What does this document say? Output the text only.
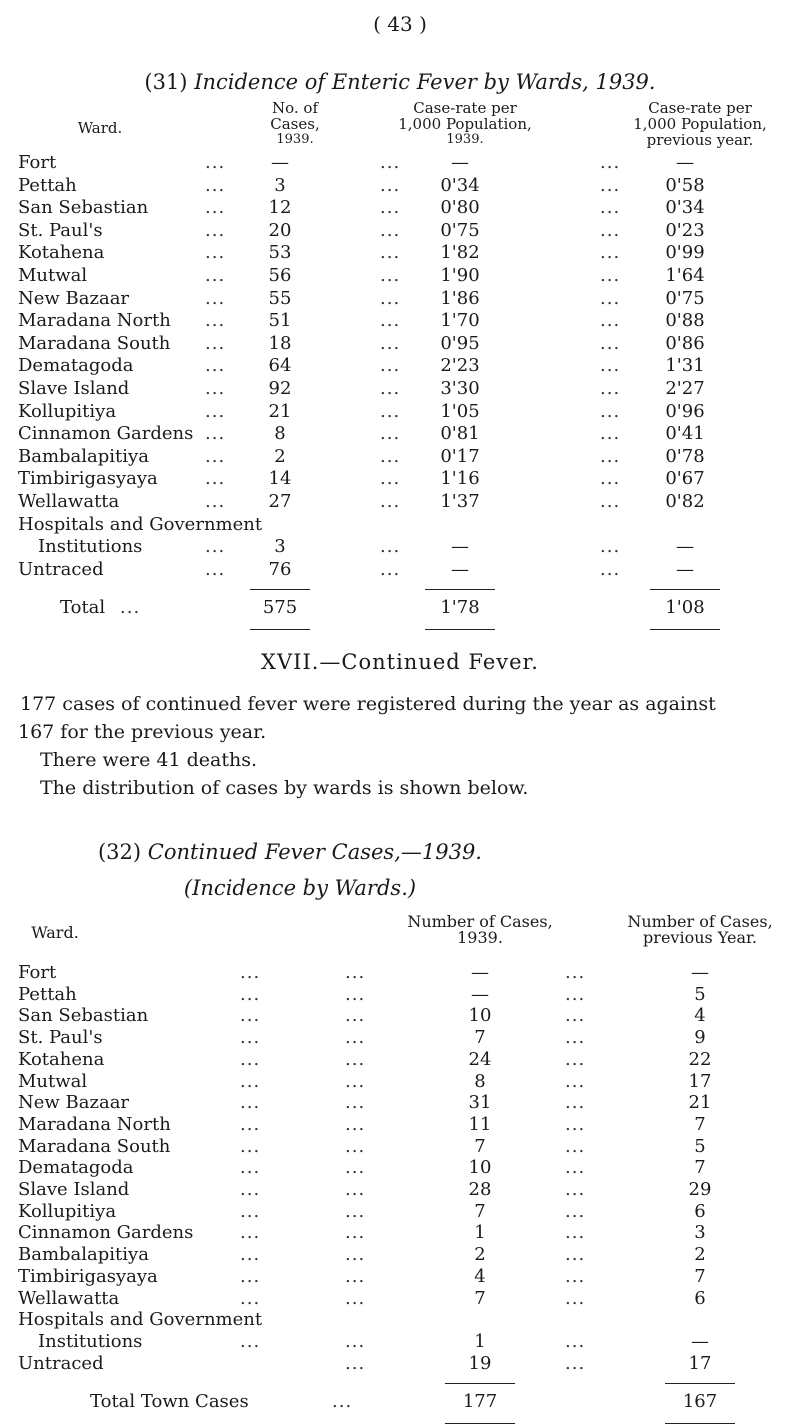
( 43 )
(31) Incidence of Enteric Fever by Wards, 1939.
Ward.
No. of
Cases,
1939.
Case-rate per
1,000 Population,
1939.
Case-rate per
1,000 Population,
previous year.
Fort	...	—	...	—	...	—
Pettah	...	3	...	0'34	...	0'58
San Sebastian	...	12	...	0'80	...	0'34
St. Paul's	...	20	...	0'75	...	0'23
Kotahena	...	53	...	1'82	...	0'99
Mutwal	...	56	...	1'90	...	1'64
New Bazaar	...	55	...	1'86	...	0'75
Maradana North ...	51	...	1'70	...	0'88
Maradana South ...	18	...	0'95	...	0'86
Dematagoda	...	64	...	2'23	...	1'31
Slave Island	...	92	...	3'30	...	2'27
Kollupitiya	...	21	...	1'05	...	0'96
Cinnamon Gardens ...	8	...	0'81	...	0'41
Bambalapitiya	...	2	...	0'17	...	0'78
Timbirigasyaya	...	14	...	1'16	...	0'67
Wellawatta	...	27	...	1'37	...	0'82
Hospitals and Government
Institutions	...	3	...	—	...	—
Untraced	...	76	...	—	...	—
Total ...	575	1'78	1'08
XVII.—Continued Fever.
177 cases of continued fever were registered during the year as against
167 for the previous year.
There were 41 deaths.
The distribution of cases by wards is shown below.
(32) Continued Fever Cases,—1939.
(Incidence by Wards.)
Ward.
Number of Cases,
1939.
Number of Cases,
previous Year.
Fort	...	...	—	...	—
Pettah	...	...	—	...	5
San Sebastian	...	...	10	...	4
St. Paul's	...	...	7	...	9
Kotahena	...	...	24	...	22
Mutwal	...	...	8	...	17
New Bazaar	...	...	31	...	21
Maradana North	...	...	11	...	7
Maradana South	...	...	7	...	5
Dematagoda	...	...	10	...	7
Slave Island	...	...	28	...	29
Kollupitiya	...	...	7	...	6
Cinnamon Gardens	...	...	1	...	3
Bambalapitiya	...	...	2	...	2
Timbirigasyaya	...	...	4	...	7
Wellawatta	...	...	7	...	6
Hospitals and Government
Institutions	...	...	1	...	—
Untraced	...	19	...	17
Total Town Cases	...	177	167
